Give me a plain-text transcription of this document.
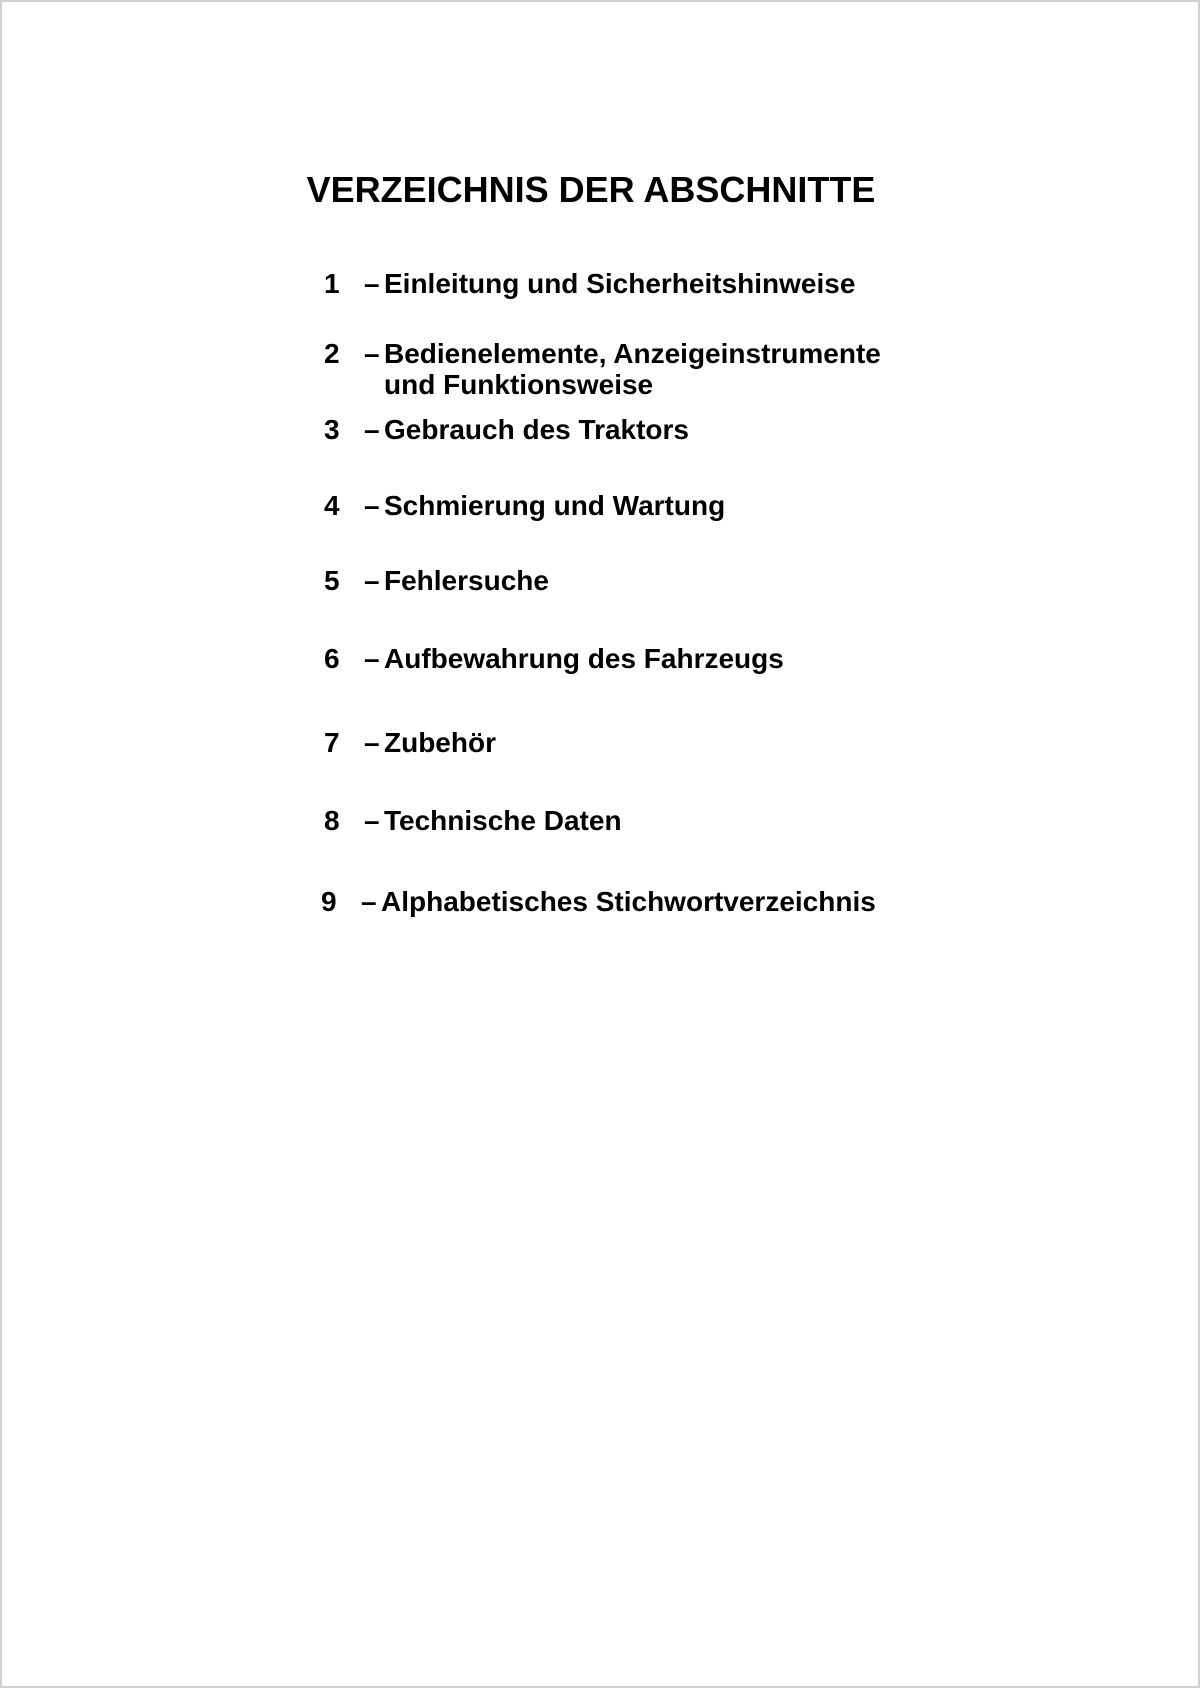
VERZEICHNIS DER ABSCHNITTE
1 – Einleitung und Sicherheitshinweise
2 – Bedienelemente, Anzeigeinstrumente
und Funktionsweise
3 – Gebrauch des Traktors
4 – Schmierung und Wartung
5 – Fehlersuche
6 – Aufbewahrung des Fahrzeugs
7 – Zubehör
8 – Technische Daten
9 – Alphabetisches Stichwortverzeichnis
